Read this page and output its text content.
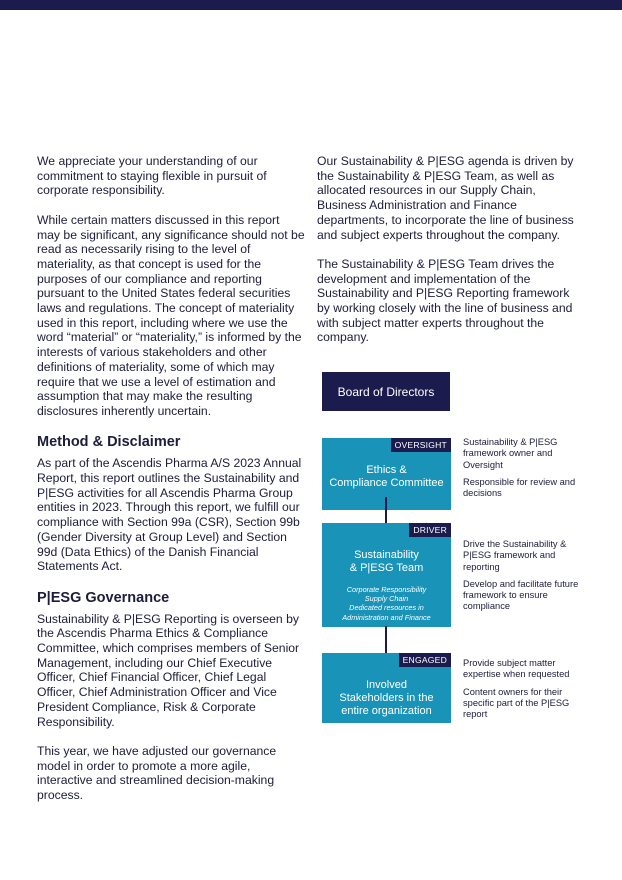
We appreciate your understanding of our commitment to staying flexible in pursuit of corporate responsibility.

While certain matters discussed in this report may be significant, any significance should not be read as necessarily rising to the level of materiality, as that concept is used for the purposes of our compliance and reporting pursuant to the United States federal securities laws and regulations. The concept of materiality used in this report, including where we use the word “material” or “materiality,” is informed by the interests of various stakeholders and other definitions of materiality, some of which may require that we use a level of estimation and assumption that may make the resulting disclosures inherently uncertain.

Method & Disclaimer

As part of the Ascendis Pharma A/S 2023 Annual Report, this report outlines the Sustainability and P|ESG activities for all Ascendis Pharma Group entities in 2023. Through this report, we fulfill our compliance with Section 99a (CSR), Section 99b (Gender Diversity at Group Level) and Section 99d (Data Ethics) of the Danish Financial Statements Act.

P|ESG Governance

Sustainability & P|ESG Reporting is overseen by the Ascendis Pharma Ethics & Compliance Committee, which comprises members of Senior Management, including our Chief Executive Officer, Chief Financial Officer, Chief Legal Officer, Chief Administration Officer and Vice President Compliance, Risk & Corporate Responsibility.

This year, we have adjusted our governance model in order to promote a more agile, interactive and streamlined decision-making process.

Our Sustainability & P|ESG agenda is driven by the Sustainability & P|ESG Team, as well as allocated resources in our Supply Chain, Business Administration and Finance departments, to incorporate the line of business and subject experts throughout the company.

The Sustainability & P|ESG Team drives the development and implementation of the Sustainability and P|ESG Reporting framework by working closely with the line of business and with subject matter experts throughout the company.

Board of Directors
OVERSIGHT
Ethics &
Compliance Committee
DRIVER
Sustainability
& P|ESG Team
Corporate Responsibility
Supply Chain
Dedicated resources in
Administration and Finance
ENGAGED
Involved
Stakeholders in the
entire organization

Sustainability & P|ESG framework owner and Oversight

Responsible for review and decisions

Drive the Sustainability & P|ESG framework and reporting

Develop and facilitate future framework to ensure compliance

Provide subject matter expertise when requested

Content owners for their specific part of the P|ESG report
